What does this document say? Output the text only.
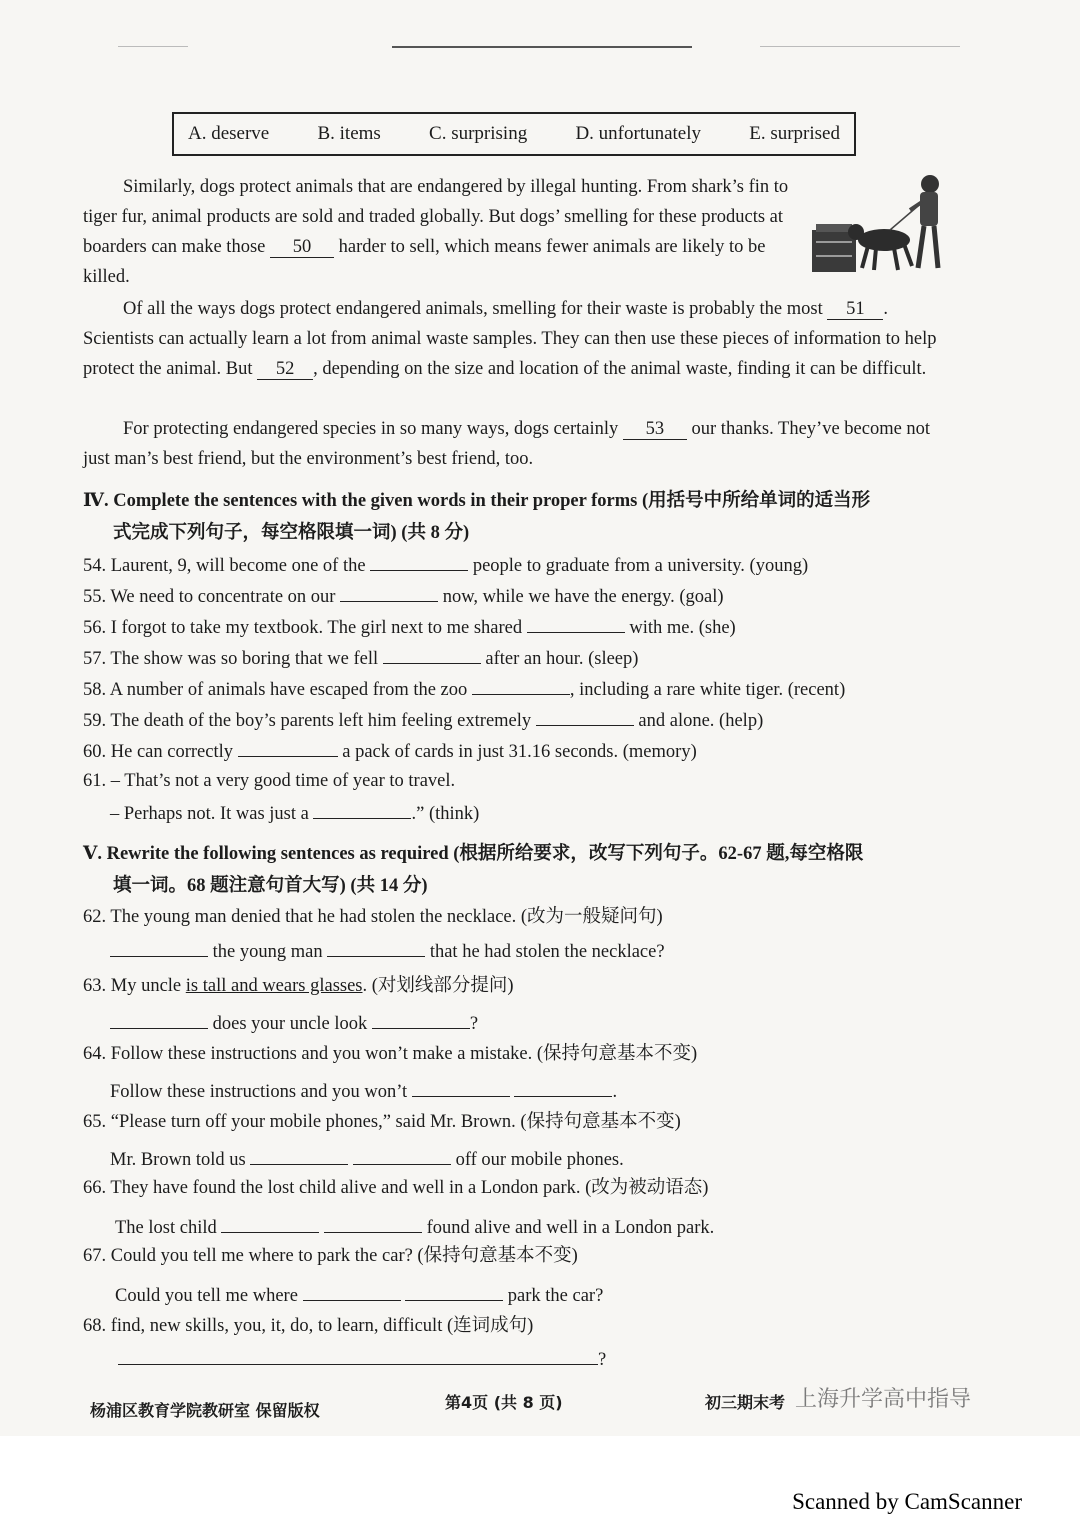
A. deserve	B. items	C. surprising	D. unfortunately	E. surprised

Similarly, dogs protect animals that are endangered by illegal hunting. From shark’s fin to tiger fur, animal products are sold and traded globally. But dogs’ smelling for these products at boarders can make those 50 harder to sell, which means fewer animals are likely to be killed.

Of all the ways dogs protect endangered animals, smelling for their waste is probably the most 51 . Scientists can actually learn a lot from animal waste samples. They can then use these pieces of information to help protect the animal. But 52 , depending on the size and location of the animal waste, finding it can be difficult.

For protecting endangered species in so many ways, dogs certainly 53 our thanks. They’ve become not just man’s best friend, but the environment’s best friend, too.

Ⅳ. Complete the sentences with the given words in their proper forms (用括号中所给单词的适当形
式完成下列句子，每空格限填一词) (共 8 分)

54. Laurent, 9, will become one of the	people to graduate from a university. (young)

55. We need to concentrate on our	now, while we have the energy. (goal)

56. I forgot to take my textbook. The girl next to me shared	with me. (she)

57. The show was so boring that we fell	after an hour. (sleep)

58. A number of animals have escaped from the zoo	, including a rare white tiger. (recent)

59. The death of the boy’s parents left him feeling extremely	and alone. (help)

60. He can correctly	a pack of cards in just 31.16 seconds. (memory)

61. – That’s not a very good time of year to travel.

– Perhaps not. It was just a	.” (think)

Ⅴ. Rewrite the following sentences as required (根据所给要求，改写下列句子。62-67 题,每空格限
填一词。68 题注意句首大写) (共 14 分)

62. The young man denied that he had stolen the necklace. (改为一般疑问句)

the young man	that he had stolen the necklace?

63. My uncle is tall and wears glasses. (对划线部分提问)

does your uncle look	?

64. Follow these instructions and you won’t make a mistake. (保持句意基本不变)

Follow these instructions and you won’t	.

65. “Please turn off your mobile phones,” said Mr. Brown. (保持句意基本不变)

Mr. Brown told us	off our mobile phones.

66. They have found the lost child alive and well in a London park. (改为被动语态)

The lost child	found alive and well in a London park.

67. Could you tell me where to park the car? (保持句意基本不变)

Could you tell me where	park the car?

68. find, new skills, you, it, do, to learn, difficult (连词成句)

?

杨浦区教育学院教研室 保留版权	第4页 (共 8 页)	初三期末考 上海升学高中指导
Scanned by CamScanner
